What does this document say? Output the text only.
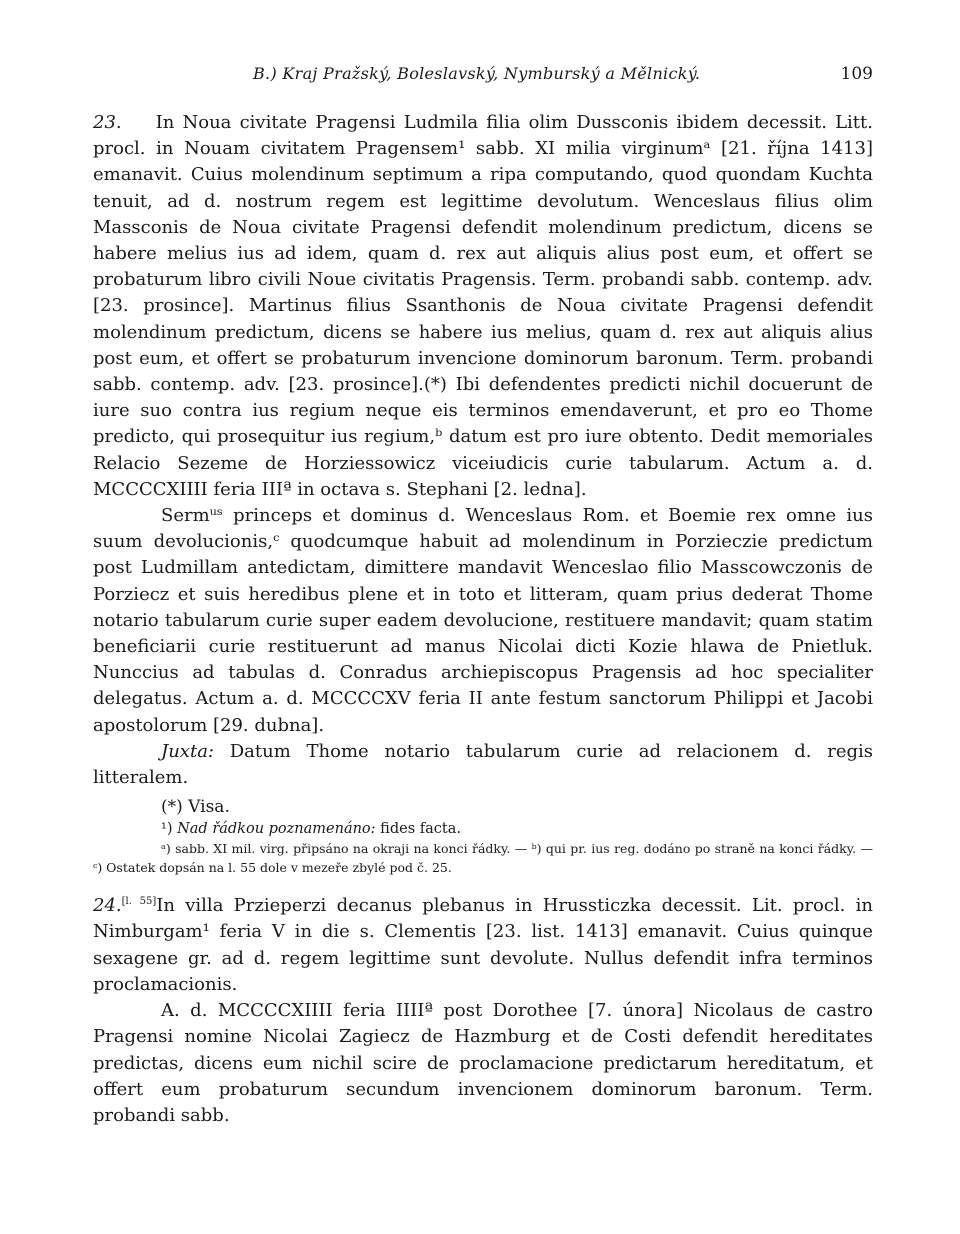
B.) Kraj Pražský, Boleslavský, Nymburský a Mělnický.	109

23. In Noua civitate Pragensi Ludmila filia olim Dussconis ibidem decessit. Litt. procl. in Nouam civitatem Pragensem¹ sabb. XI milia virginumᵃ [21. října 1413] emanavit. Cuius molendinum septimum a ripa computando, quod quondam Kuchta tenuit, ad d. nostrum regem est legittime devolutum. Wenceslaus filius olim Massconis de Noua civitate Pragensi defendit molendinum predictum, dicens se habere melius ius ad idem, quam d. rex aut aliquis alius post eum, et offert se probaturum libro civili Noue civitatis Pragensis. Term. probandi sabb. contemp. adv. [23. prosince]. Martinus filius Ssanthonis de Noua civitate Pragensi defendit molendinum predictum, dicens se habere ius melius, quam d. rex aut aliquis alius post eum, et offert se probaturum invencione dominorum baronum. Term. probandi sabb. contemp. adv. [23. prosince].(*) Ibi defendentes predicti nichil docuerunt de iure suo contra ius regium neque eis terminos emendaverunt, et pro eo Thome predicto, qui prosequitur ius regium,ᵇ datum est pro iure obtento. Dedit memoriales Relacio Sezeme de Horziessowicz viceiudicis curie tabularum. Actum a. d. MCCCCXIIII feria IIIª in octava s. Stephani [2. ledna].

Sermᵘˢ princeps et dominus d. Wenceslaus Rom. et Boemie rex omne ius suum devolucionis,ᶜ quodcumque habuit ad molendinum in Porzieczie predictum post Ludmillam antedictam, dimittere mandavit Wenceslao filio Masscowczonis de Porziecz et suis heredibus plene et in toto et litteram, quam prius dederat Thome notario tabularum curie super eadem devolucione, restituere mandavit; quam statim beneficiarii curie restituerunt ad manus Nicolai dicti Kozie hlawa de Pnietluk. Nunccius ad tabulas d. Conradus archiepiscopus Pragensis ad hoc specialiter delegatus. Actum a. d. MCCCCXV feria II ante festum sanctorum Philippi et Jacobi apostolorum [29. dubna].

Juxta: Datum Thome notario tabularum curie ad relacionem d. regis litteralem.

(*) Visa.

¹) Nad řádkou poznamenáno: fides facta.

ᵃ) sabb. XI mil. virg. připsáno na okraji na konci řádky. — ᵇ) qui pr. ius reg. dodáno po straně na konci řádky. — ᶜ) Ostatek dopsán na l. 55 dole v mezeře zbylé pod č. 25.

24.[l. 55]In villa Przieperzi decanus plebanus in Hrussticzka decessit. Lit. procl. in Nimburgam¹ feria V in die s. Clementis [23. list. 1413] emanavit. Cuius quinque sexagene gr. ad d. regem legittime sunt devolute. Nullus defendit infra terminos proclamacionis.

A. d. MCCCCXIIII feria IIIIª post Dorothee [7. února] Nicolaus de castro Pragensi nomine Nicolai Zagiecz de Hazmburg et de Costi defendit hereditates predictas, dicens eum nichil scire de proclamacione predictarum hereditatum, et offert eum probaturum secundum invencionem dominorum baronum. Term. probandi sabb.
